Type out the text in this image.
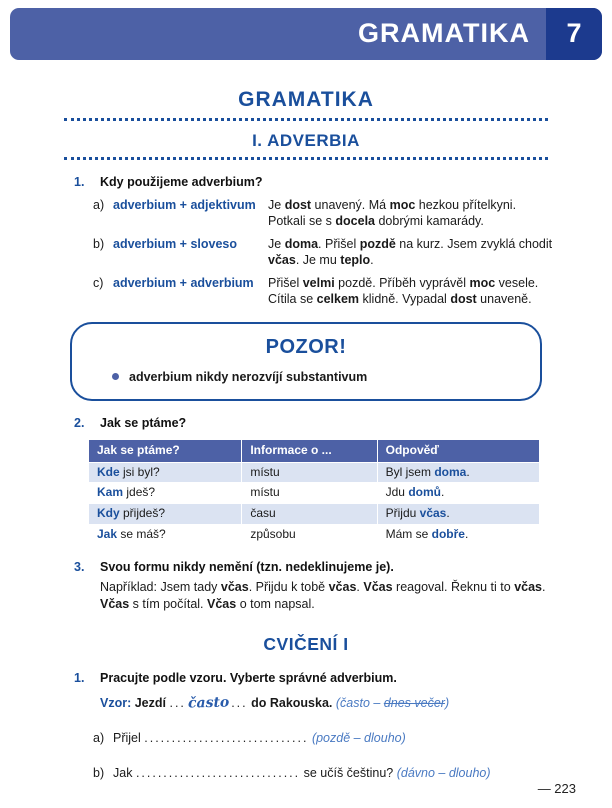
GRAMATIKA	7
GRAMATIKA
I. ADVERBIA
1.	Kdy použijeme adverbium?
a) adverbium + adjektivum Je dost unavený. Má moc hezkou přítelkyni.
Potkali se s docela dobrými kamarády.
b) adverbium + sloveso	Je doma. Přišel pozdě na kurz. Jsem zvyklá chodit
včas. Je mu teplo.
c) adverbium + adverbium	Přišel velmi pozdě. Příběh vyprávěl moc vesele.
Cítila se celkem klidně. Vypadal dost unaveně.
POZOR!
adverbium nikdy nerozvíjí substantivum
2.	Jak se ptáme?
Jak se ptáme?	Informace o ...	Odpověď
Kde jsi byl?	místu	Byl jsem doma.
Kam jdeš?	místu	Jdu domů.
Kdy přijdeš?	času	Přijdu včas.
Jak se máš?	způsobu	Mám se dobře.
3.	Svou formu nikdy nemění (tzn. nedeklinujeme je).
Například: Jsem tady včas. Přijdu k tobě včas. Včas reagoval. Řeknu ti to včas. Včas s tím počítal. Včas o tom napsal.
CVIČENÍ I
1.	Pracujte podle vzoru. Vyberte správné adverbium.
Vzor: Jezdí ... často ... do Rakouska. (často – dnes večer)
a) Přijel .............................. (pozdě – dlouho)
b) Jak .............................. se učíš češtinu? (dávno – dlouho)
— 223
